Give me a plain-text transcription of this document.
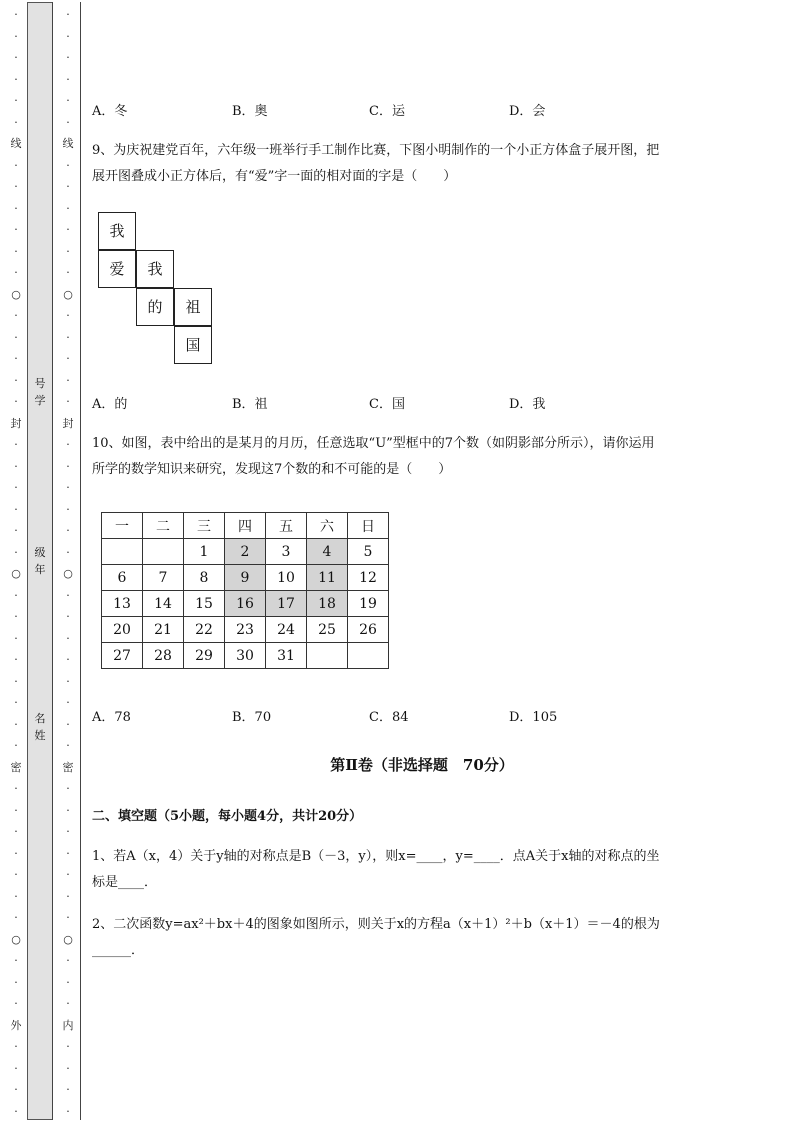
·
·
·
·
·
·
线
·
·
·
·
·
·
○
·
·
·
·
·
封
·
·
·
·
·
·
○
·
·
·
·
·
·
·
·
密
·
·
·
·
·
·
·
○
·
·
·
外
·
·
·
·
·
·
·
·
·
·
线
·
·
·
·
·
·
○
·
·
·
·
·
封
·
·
·
·
·
·
○
·
·
·
·
·
·
·
·
密
·
·
·
·
·
·
·
○
·
·
·
内
·
·
·
·
号
学
级
年
名
姓
A．冬	B．奥	C．运	D．会
9、为庆祝建党百年，六年级一班举行手工制作比赛，下图小明制作的一个小正方体盒子展开图，把
展开图叠成小正方体后，有“爱”字一面的相对面的字是（　　）
我
爱	我
的	祖
国
A．的	B．祖	C．国	D．我
10、如图，表中给出的是某月的月历，任意选取“U”型框中的7个数（如阴影部分所示），请你运用
所学的数学知识来研究，发现这7个数的和不可能的是（　　）
一	二	三	四	五	六	日
		1	2	3	4	5
6	7	8	9	10	11	12
13	14	15	16	17	18	19
20	21	22	23	24	25	26
27	28	29	30	31		
A．78	B．70	C．84	D．105
第Ⅱ卷（非选择题　70分）
二、填空题（5小题，每小题4分，共计20分）
1、若A（x，4）关于y轴的对称点是B（－3，y），则x=____，y=____．点A关于x轴的对称点的坐
标是____．
2、二次函数y=ax²＋bx＋4的图象如图所示，则关于x的方程a（x＋1）²＋b（x＋1）＝－4的根为
______．
